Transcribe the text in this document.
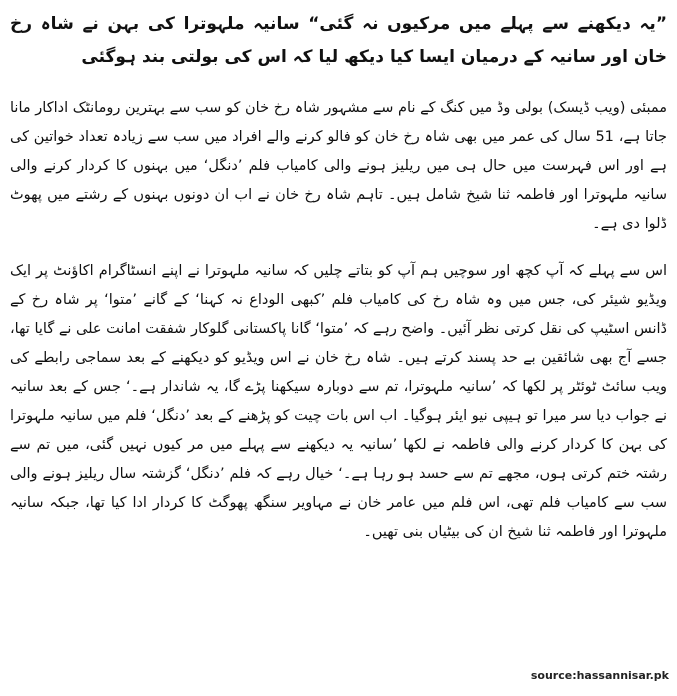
”یہ دیکھنے سے پہلے میں مرکیوں نہ گئی“ سانیہ ملہوترا کی بہن نے شاہ رخ خان اور سانیہ کے درمیان ایسا کیا دیکھ لیا کہ اس کی بولتی بند ہوگئی
ممبئی (ویب ڈیسک) بولی وڈ میں کنگ کے نام سے مشہور شاہ رخ خان کو سب سے بہترین رومانٹک اداکار مانا جاتا ہے، 51 سال کی عمر میں بھی شاہ رخ خان کو فالو کرنے والے افراد میں سب سے زیادہ تعداد خواتین کی ہے اور اس فہرست میں حال ہی میں ریلیز ہونے والی کامیاب فلم ’دنگل‘ میں بہنوں کا کردار کرنے والی سانیہ ملہوترا اور فاطمہ ثنا شیخ شامل ہیں۔ تاہم شاہ رخ خان نے اب ان دونوں بہنوں کے رشتے میں پھوٹ ڈلوا دی ہے۔
اس سے پہلے کہ آپ کچھ اور سوچیں ہم آپ کو بتاتے چلیں کہ سانیہ ملہوترا نے اپنے انسٹاگرام اکاؤنٹ پر ایک ویڈیو شیئر کی، جس میں وہ شاہ رخ کی کامیاب فلم ’کبھی الوداع نہ کہنا‘ کے گانے ’متوا‘ پر شاہ رخ کے ڈانس اسٹیپ کی نقل کرتی نظر آئیں۔ واضح رہے کہ ’متوا‘ گانا پاکستانی گلوکار شفقت امانت علی نے گایا تھا، جسے آج بھی شائقین بے حد پسند کرتے ہیں۔ شاہ رخ خان نے اس ویڈیو کو دیکھنے کے بعد سماجی رابطے کی ویب سائٹ ٹوئٹر پر لکھا کہ ’سانیہ ملہوترا، تم سے دوبارہ سیکھنا پڑے گا، یہ شاندار ہے۔‘ جس کے بعد سانیہ نے جواب دیا سر میرا تو ہیپی نیو ایئر ہوگیا۔ اب اس بات چیت کو پڑھنے کے بعد ’دنگل‘ فلم میں سانیہ ملہوترا کی بہن کا کردار کرنے والی فاطمہ نے لکھا ’سانیہ یہ دیکھنے سے پہلے میں مر کیوں نہیں گئی، میں تم سے رشتہ ختم کرتی ہوں، مجھے تم سے حسد ہو رہا ہے۔‘ خیال رہے کہ فلم ’دنگل‘ گزشتہ سال ریلیز ہونے والی سب سے کامیاب فلم تھی، اس فلم میں عامر خان نے مہاویر سنگھ پھوگٹ کا کردار ادا کیا تھا، جبکہ سانیہ ملہوترا اور فاطمہ ثنا شیخ ان کی بیٹیاں بنی تھیں۔
source:hassannisar.pk
